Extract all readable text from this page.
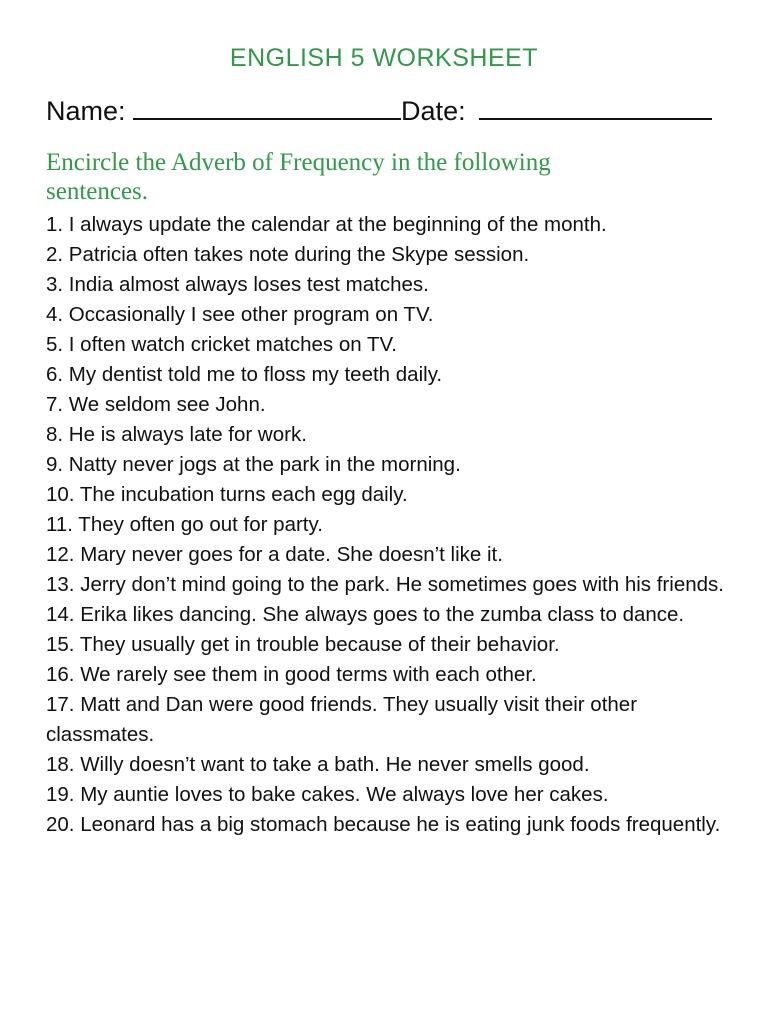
ENGLISH 5 WORKSHEET
Name:	Date:
Encircle the Adverb of Frequency in the following sentences.
1. I always update the calendar at the beginning of the month.
2. Patricia often takes note during the Skype session.
3. India almost always loses test matches.
4. Occasionally I see other program on TV.
5. I often watch cricket matches on TV.
6. My dentist told me to floss my teeth daily.
7. We seldom see John.
8. He is always late for work.
9. Natty never jogs at the park in the morning.
10. The incubation turns each egg daily.
11. They often go out for party.
12. Mary never goes for a date. She doesn’t like it.
13. Jerry don’t mind going to the park. He sometimes goes with his friends.
14. Erika likes dancing. She always goes to the zumba class to dance.
15. They usually get in trouble because of their behavior.
16. We rarely see them in good terms with each other.
17. Matt and Dan were good friends. They usually visit their other classmates.
18. Willy doesn’t want to take a bath. He never smells good.
19. My auntie loves to bake cakes. We always love her cakes.
20. Leonard has a big stomach because he is eating junk foods frequently.
